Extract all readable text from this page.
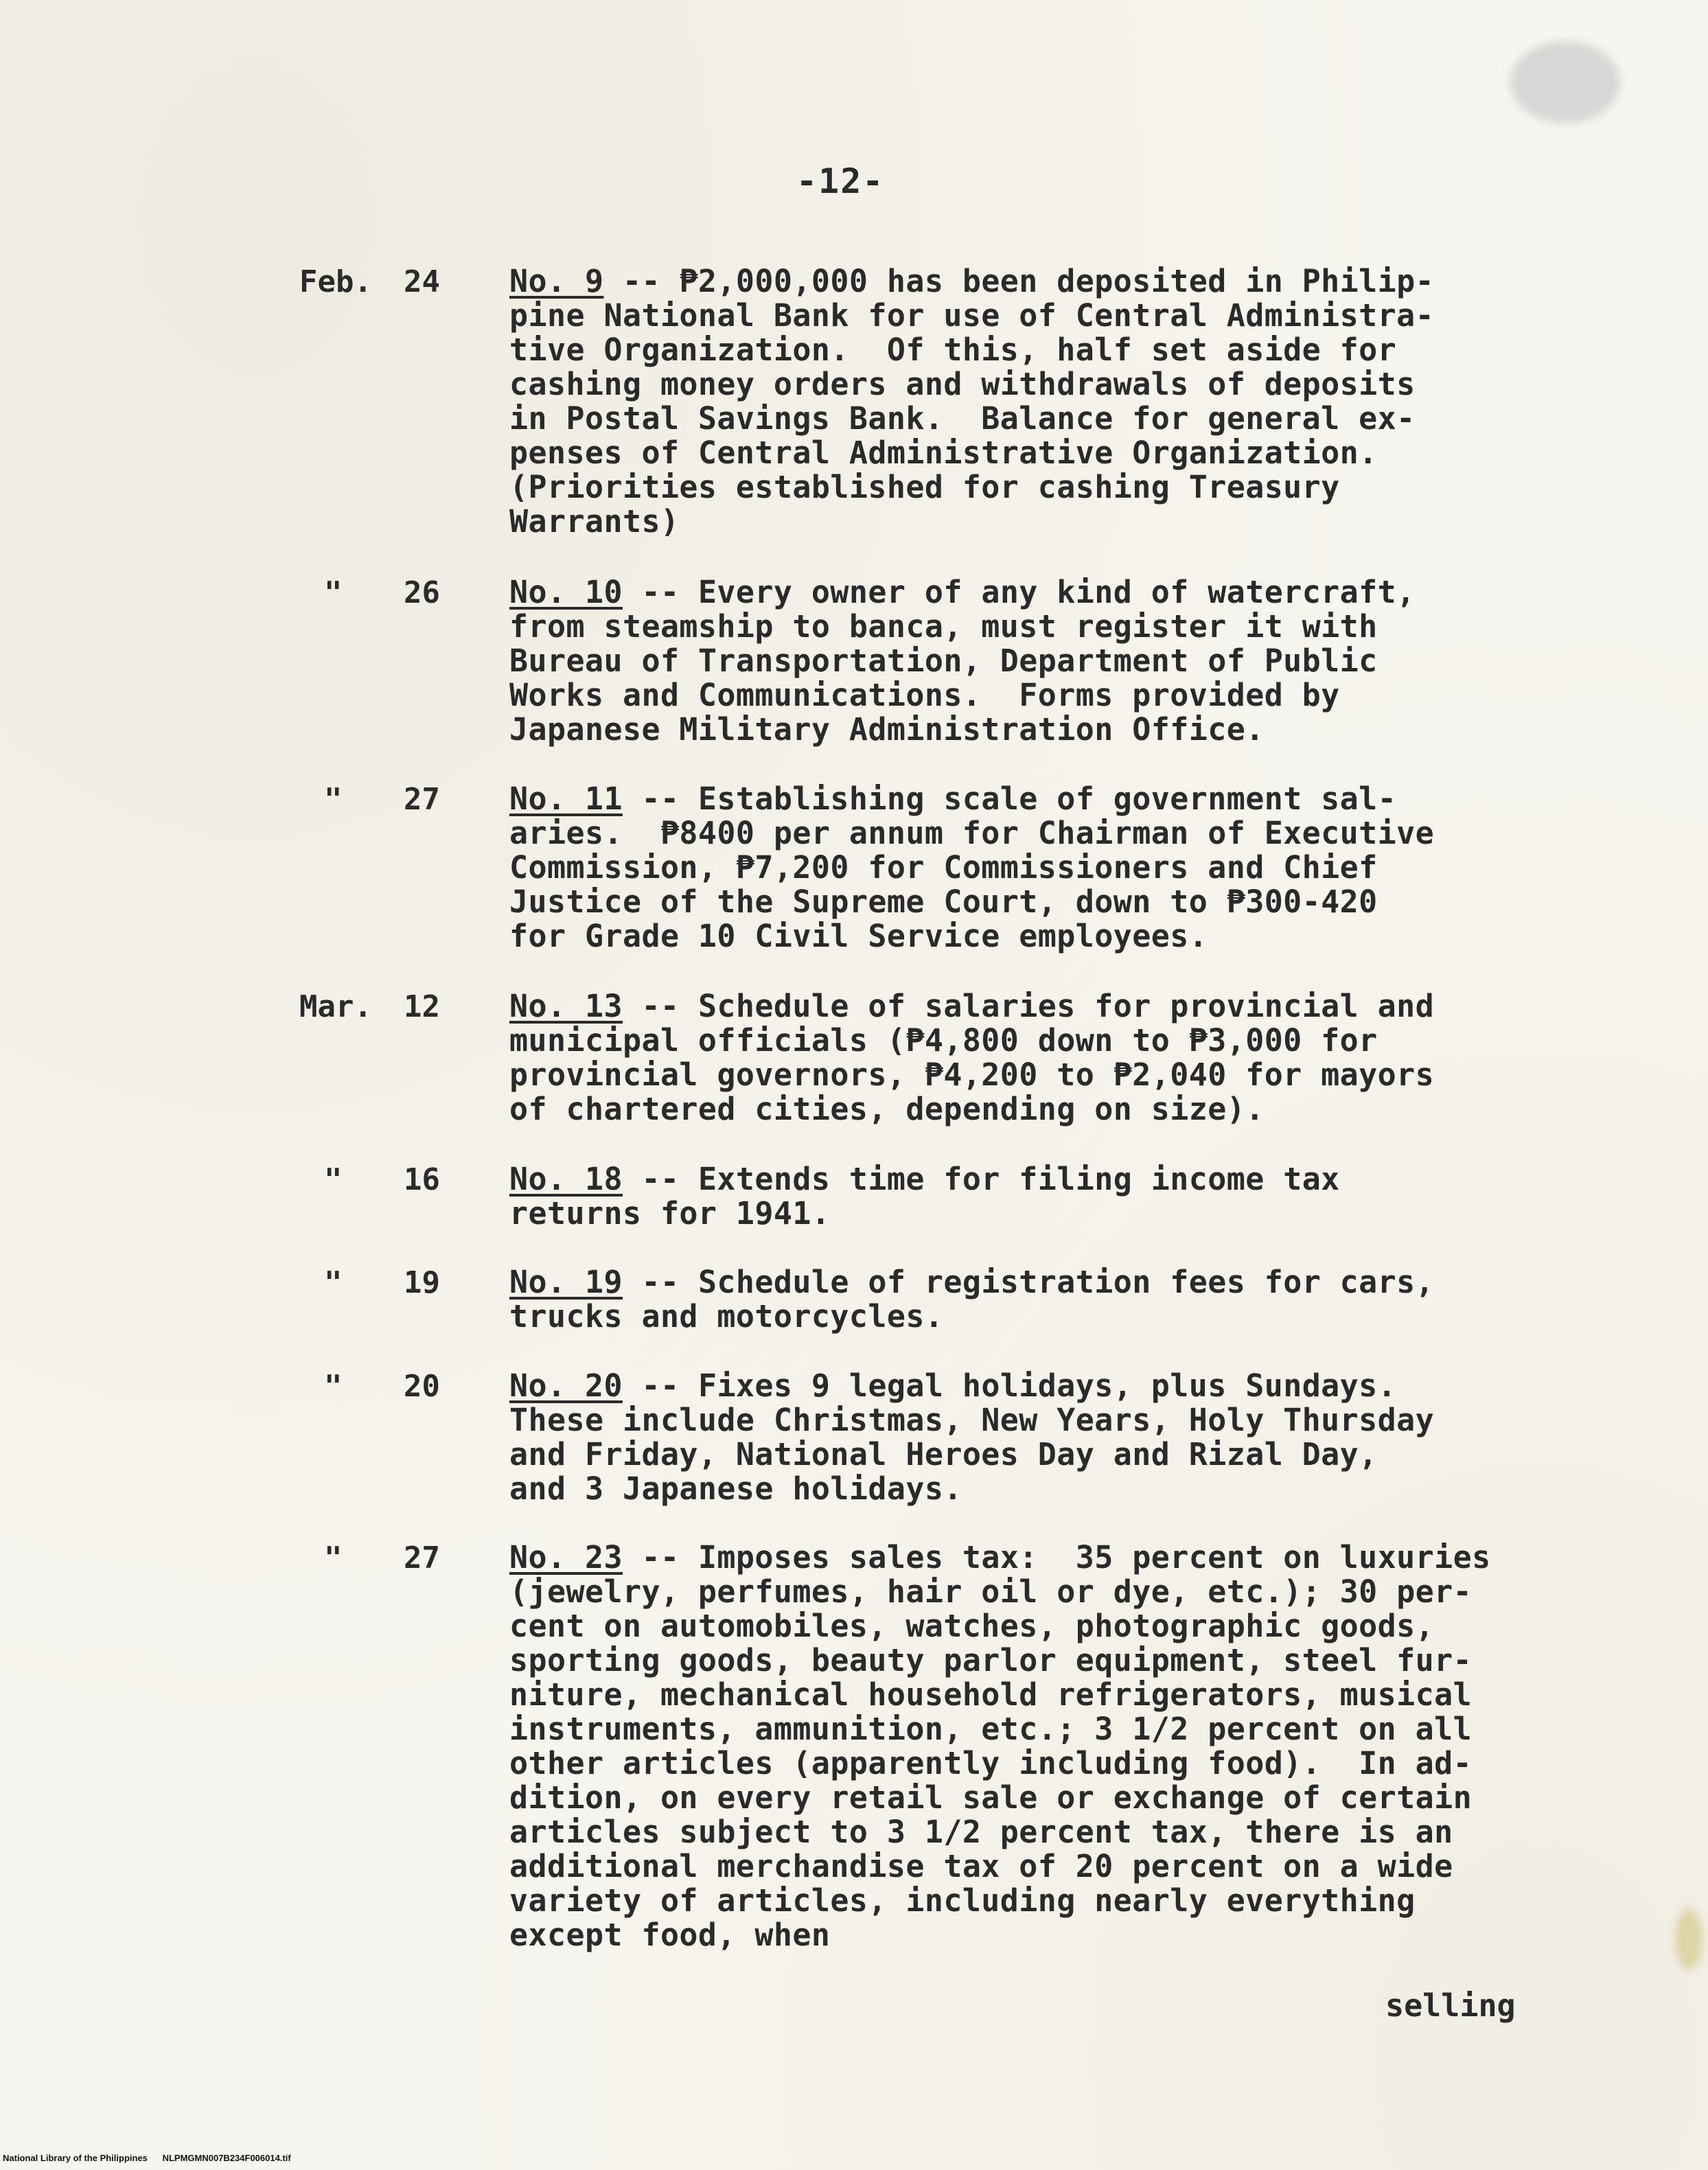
-12-
Feb. 24 No. 9 -- ₱2,000,000 has been deposited in Philip-
pine National Bank for use of Central Administra-
tive Organization.  Of this, half set aside for
cashing money orders and withdrawals of deposits
in Postal Savings Bank.  Balance for general ex-
penses of Central Administrative Organization.
(Priorities established for cashing Treasury
Warrants)
" 26 No. 10 -- Every owner of any kind of watercraft,
from steamship to banca, must register it with
Bureau of Transportation, Department of Public
Works and Communications.  Forms provided by
Japanese Military Administration Office.
" 27 No. 11 -- Establishing scale of government sal-
aries.  ₱8400 per annum for Chairman of Executive
Commission, ₱7,200 for Commissioners and Chief
Justice of the Supreme Court, down to ₱300-420
for Grade 10 Civil Service employees.
Mar. 12 No. 13 -- Schedule of salaries for provincial and
municipal officials (₱4,800 down to ₱3,000 for
provincial governors, ₱4,200 to ₱2,040 for mayors
of chartered cities, depending on size).
" 16 No. 18 -- Extends time for filing income tax
returns for 1941.
" 19 No. 19 -- Schedule of registration fees for cars,
trucks and motorcycles.
" 20 No. 20 -- Fixes 9 legal holidays, plus Sundays.
These include Christmas, New Years, Holy Thursday
and Friday, National Heroes Day and Rizal Day,
and 3 Japanese holidays.
" 27 No. 23 -- Imposes sales tax:  35 percent on luxuries
(jewelry, perfumes, hair oil or dye, etc.); 30 per-
cent on automobiles, watches, photographic goods,
sporting goods, beauty parlor equipment, steel fur-
niture, mechanical household refrigerators, musical
instruments, ammunition, etc.; 3 1/2 percent on all
other articles (apparently including food).  In ad-
dition, on every retail sale or exchange of certain
articles subject to 3 1/2 percent tax, there is an
additional merchandise tax of 20 percent on a wide
variety of articles, including nearly everything
except food, when
selling
National Library of the Philippines      NLPMGMN007B234F006014.tif
